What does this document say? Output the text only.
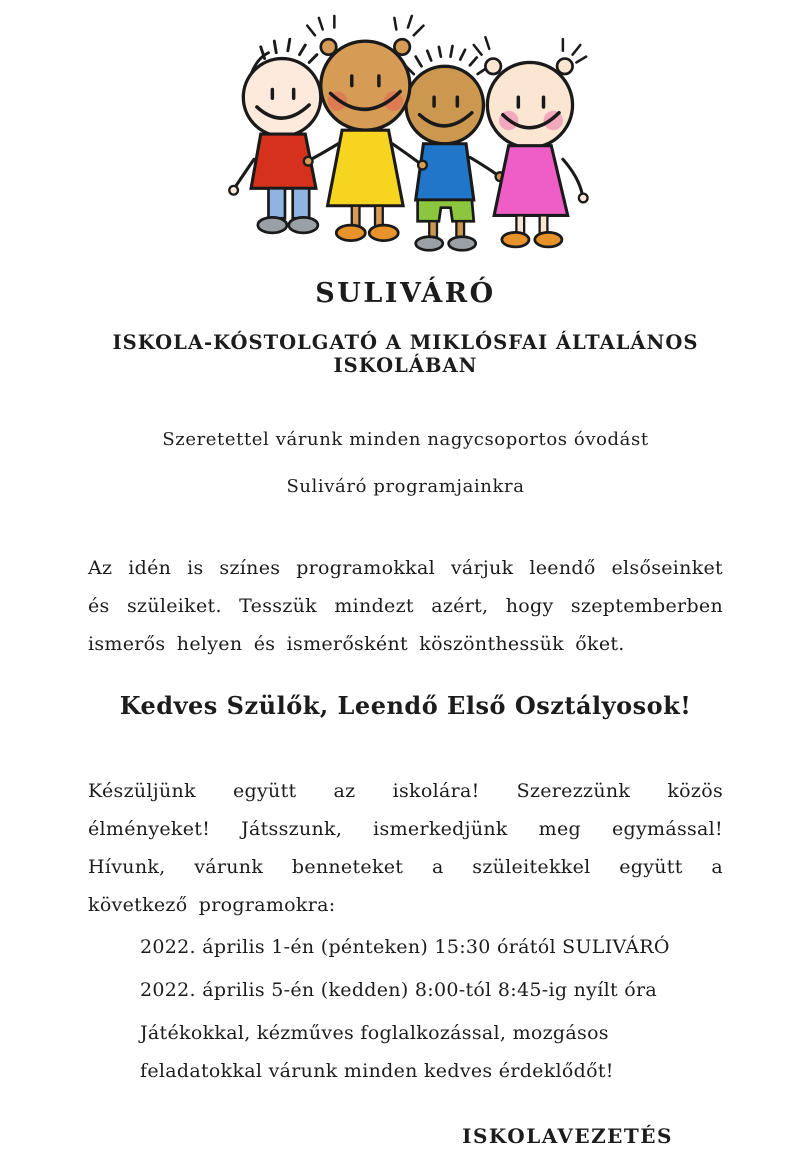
SULIVÁRÓ
ISKOLA-KÓSTOLGATÓ A MIKLÓSFAI ÁLTALÁNOS ISKOLÁBAN
Szeretettel várunk minden nagycsoportos óvodást
Suliváró programjainkra
Az idén is színes programokkal várjuk leendő elsőseinket és szüleiket. Tesszük mindezt azért, hogy szeptemberben ismerős helyen és ismerősként köszönthessük őket.
Kedves Szülők, Leendő Első Osztályosok!
Készüljünk együtt az iskolára! Szerezzünk közös élményeket! Játsszunk, ismerkedjünk meg egymással! Hívunk, várunk benneteket a szüleitekkel együtt a következő programokra:
2022. április 1-én (pénteken) 15:30 órától SULIVÁRÓ
2022. április 5-én (kedden) 8:00-tól 8:45-ig nyílt óra
Játékokkal, kézműves foglalkozással, mozgásos feladatokkal várunk minden kedves érdeklődőt!
ISKOLAVEZETÉS
